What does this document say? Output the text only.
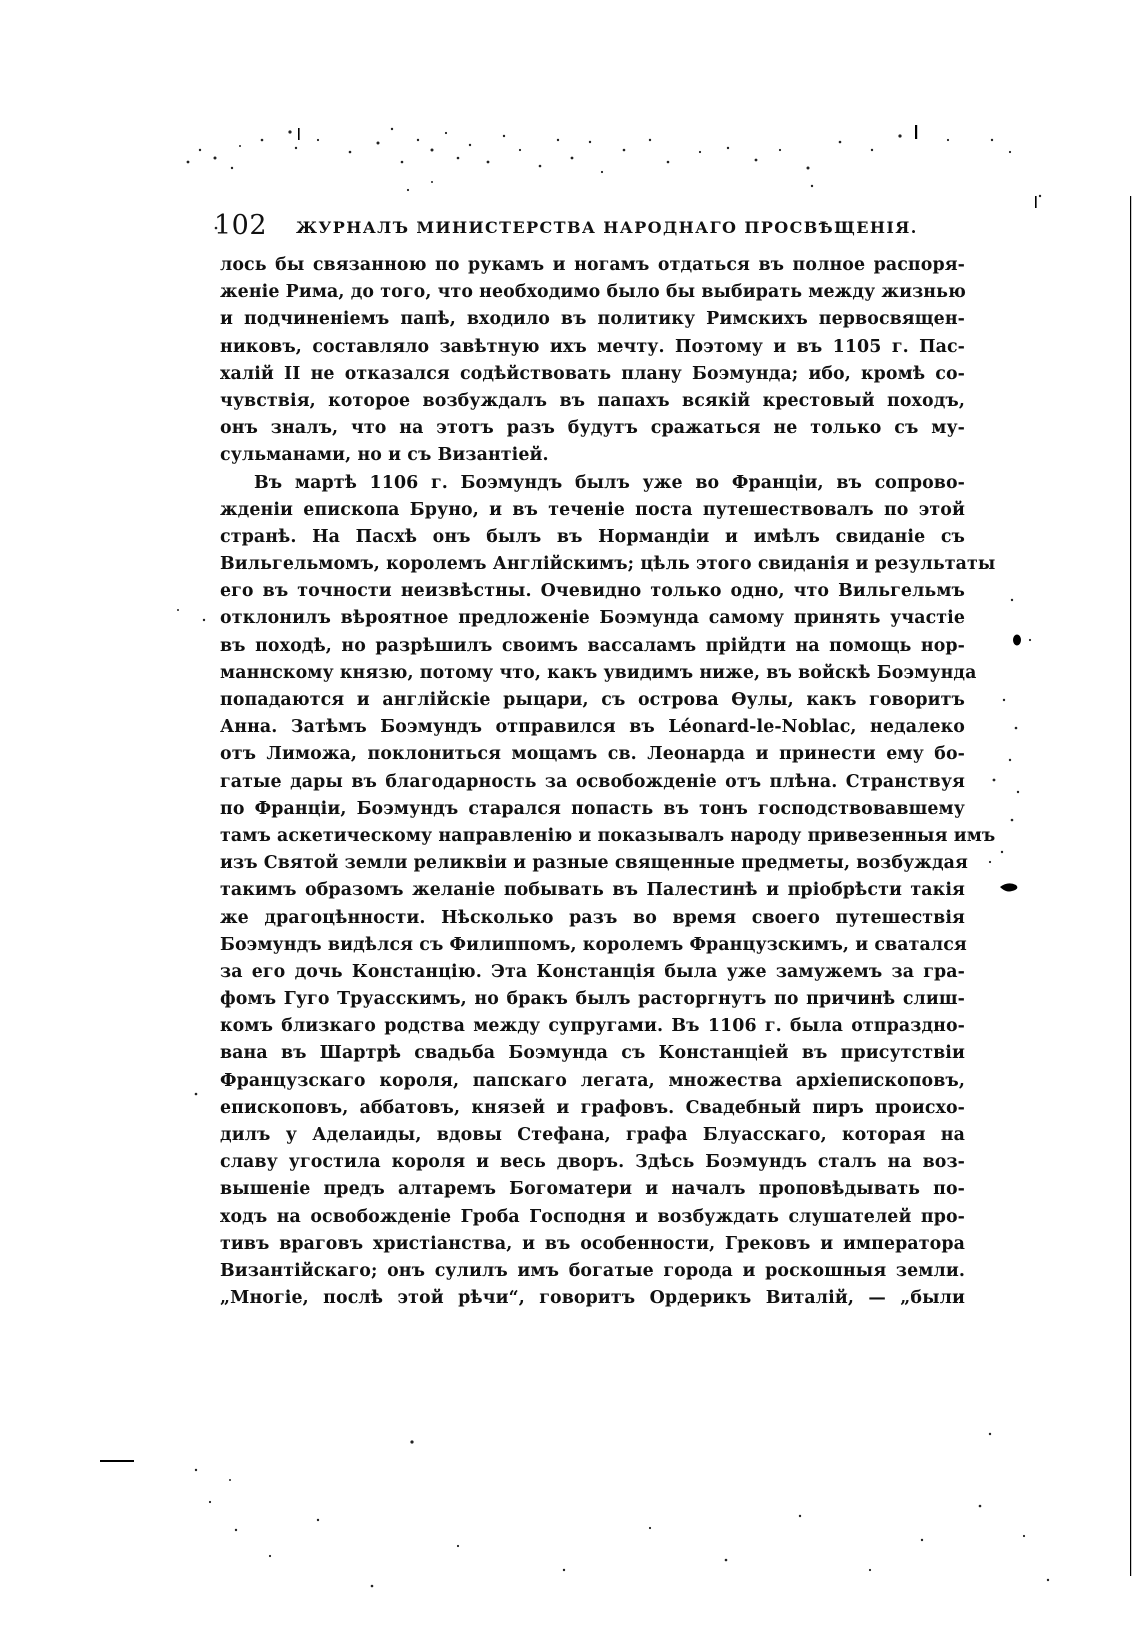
102 ЖУРНАЛЪ МИНИСТЕРСТВА НАРОДНАГО ПРОСВѢЩЕНІЯ.
лось бы связанною по рукамъ и ногамъ отдаться въ полное распоря-
женіе Рима, до того, что необходимо было бы выбирать между жизнью
и подчиненіемъ папѣ, входило въ политику Римскихъ первосвящен-
никовъ, составляло завѣтную ихъ мечту. Поэтому и въ 1105 г. Пас-
халій II не отказался содѣйствовать плану Боэмунда; ибо, кромѣ со-
чувствія, которое возбуждалъ въ папахъ всякій крестовый походъ,
онъ зналъ, что на этотъ разъ будутъ сражаться не только съ му-
сульманами, но и съ Византіей.
Въ мартѣ 1106 г. Боэмундъ былъ уже во Франціи, въ сопрово-
жденіи епископа Бруно, и въ теченіе поста путешествовалъ по этой
странѣ. На Пасхѣ онъ былъ въ Нормандіи и имѣлъ свиданіе съ
Вильгельмомъ, королемъ Англійскимъ; цѣль этого свиданія и результаты
его въ точности неизвѣстны. Очевидно только одно, что Вильгельмъ
отклонилъ вѣроятное предложеніе Боэмунда самому принять участіе
въ походѣ, но разрѣшилъ своимъ вассаламъ прійдти на помощь нор-
маннскому князю, потому что, какъ увидимъ ниже, въ войскѣ Боэмунда
попадаются и англійскіе рыцари, съ острова Ѳулы, какъ говоритъ
Анна. Затѣмъ Боэмундъ отправился въ Léonard-le-Noblac, недалеко
отъ Лиможа, поклониться мощамъ св. Леонарда и принести ему бо-
гатые дары въ благодарность за освобожденіе отъ плѣна. Странствуя
по Франціи, Боэмундъ старался попасть въ тонъ господствовавшему
тамъ аскетическому направленію и показывалъ народу привезенныя имъ
изъ Святой земли реликвіи и разные священные предметы, возбуждая
такимъ образомъ желаніе побывать въ Палестинѣ и пріобрѣсти такія
же драгоцѣнности. Нѣсколько разъ во время своего путешествія
Боэмундъ видѣлся съ Филиппомъ, королемъ Французскимъ, и сватался
за его дочь Констанцію. Эта Констанція была уже замужемъ за гра-
фомъ Гуго Труасскимъ, но бракъ былъ расторгнутъ по причинѣ слиш-
комъ близкаго родства между супругами. Въ 1106 г. была отпраздно-
вана въ Шартрѣ свадьба Боэмунда съ Констанціей въ присутствіи
Французскаго короля, папскаго легата, множества архіепископовъ,
епископовъ, аббатовъ, князей и графовъ. Свадебный пиръ происхо-
дилъ у Аделаиды, вдовы Стефана, графа Блуасскаго, которая на
славу угостила короля и весь дворъ. Здѣсь Боэмундъ сталъ на воз-
вышеніе предъ алтаремъ Богоматери и началъ проповѣдывать по-
ходъ на освобожденіе Гроба Господня и возбуждать слушателей про-
тивъ враговъ христіанства, и въ особенности, Грековъ и императора
Византійскаго; онъ сулилъ имъ богатые города и роскошныя земли.
„Многіе, послѣ этой рѣчи“, говоритъ Ордерикъ Виталій, — „были
